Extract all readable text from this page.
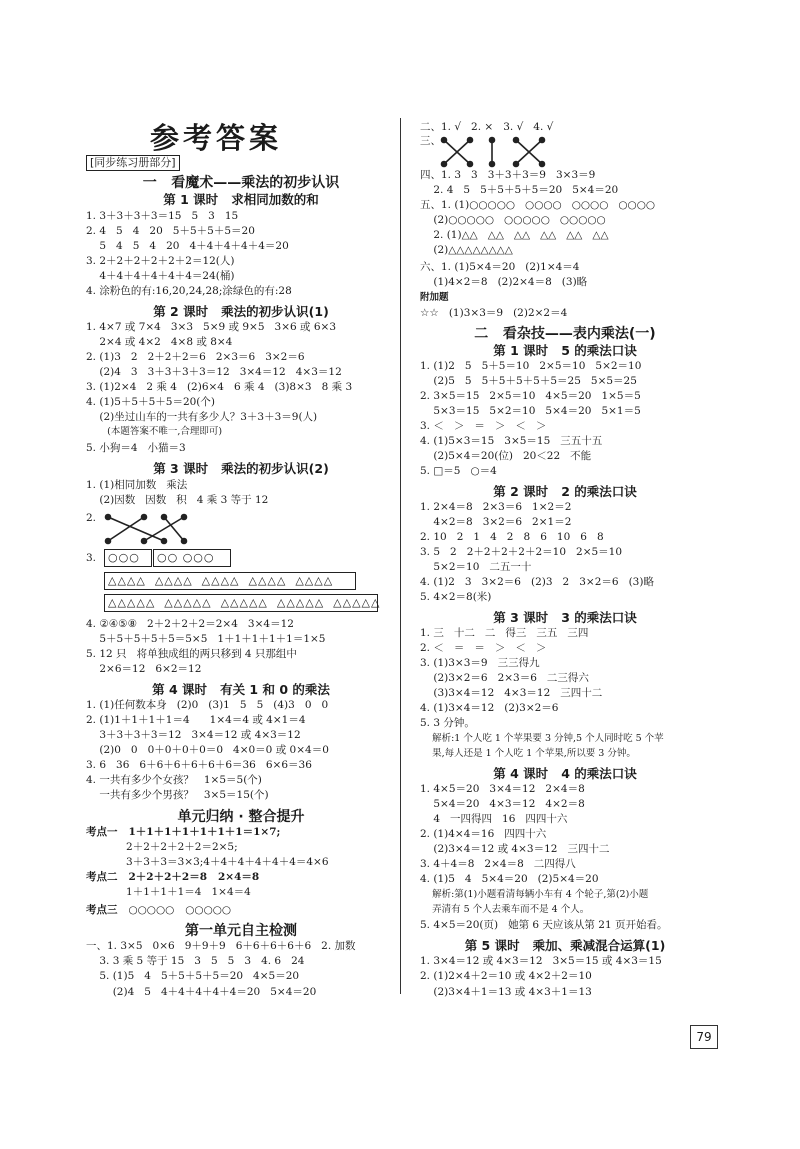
参考答案
[同步练习册部分]
一   看魔术——乘法的初步认识
第 1 课时   求相同加数的和
1. 3＋3＋3＋3＝15   5   3   15
2. 4   5   4   20   5＋5＋5＋5＝20
5   4   5   4   20   4＋4＋4＋4＋4＝20
3. 2＋2＋2＋2＋2＋2＝12(人)
4＋4＋4＋4＋4＋4＝24(桶)
4. 涂粉色的有:16,20,24,28;涂绿色的有:28
第 2 课时   乘法的初步认识(1)
1. 4×7 或 7×4   3×3   5×9 或 9×5   3×6 或 6×3
2×4 或 4×2   4×8 或 8×4
2. (1)3   2   2＋2＋2＝6   2×3＝6   3×2＝6
(2)4   3   3＋3＋3＋3＝12   3×4＝12   4×3＝12
3. (1)2×4   2 乘 4   (2)6×4   6 乘 4   (3)8×3   8 乘 3
4. (1)5＋5＋5＋5＝20(个)
(2)坐过山车的一共有多少人？3＋3＋3＝9(人)
(本题答案不唯一,合理即可)
5. 小狗＝4   小猫＝3
第 3 课时   乘法的初步认识(2)
1. (1)相同加数   乘法
(2)因数   因数   积   4 乘 3 等于 12
2.
3.
4. ②④⑤⑧   2＋2＋2＋2＝2×4   3×4＝12
5＋5＋5＋5＋5＝5×5   1＋1＋1＋1＋1＝1×5
5. 12 只   将单独成组的两只移到 4 只那组中
2×6＝12   6×2＝12
第 4 课时   有关 1 和 0 的乘法
1. (1)任何数本身   (2)0   (3)1   5   5   (4)3   0   0
2. (1)1＋1＋1＋1＝4      1×4＝4 或 4×1＝4
3＋3＋3＋3＝12   3×4＝12 或 4×3＝12
(2)0   0   0＋0＋0＋0＝0   4×0＝0 或 0×4＝0
3. 6   36   6＋6＋6＋6＋6＋6＝36   6×6＝36
4. 一共有多少个女孩？   1×5＝5(个)
一共有多少个男孩？   3×5＝15(个)
单元归纳 · 整合提升
考点一   1＋1＋1＋1＋1＋1＋1＝1×7;
2＋2＋2＋2＋2＝2×5;
3＋3＋3＝3×3;4＋4＋4＋4＋4＋4＝4×6
考点二   2＋2＋2＋2＝8   2×4＝8
1＋1＋1＋1＝4   1×4＝4
考点三   ○○○○○   ○○○○○
第一单元自主检测
一、1. 3×5   0×6   9＋9＋9   6＋6＋6＋6＋6   2. 加数
3. 3 乘 5 等于 15   3   5   5   3   4. 6   24
5. (1)5   4   5＋5＋5＋5＝20   4×5＝20
(2)4   5   4＋4＋4＋4＋4＝20   5×4＝20
二、1. √   2. ×   3. √   4. √
三、
四、1. 3   3   3＋3＋3＝9   3×3＝9
2. 4   5   5＋5＋5＋5＝20   5×4＝20
五、1. (1)○○○○○   ○○○○   ○○○○   ○○○○
(2)○○○○○   ○○○○○   ○○○○○
2. (1)△△   △△   △△   △△   △△   △△
(2)△△△△△△△△
六、1. (1)5×4＝20   (2)1×4＝4
(1)4×2＝8   (2)2×4＝8   (3)略
附加题
☆☆   (1)3×3＝9   (2)2×2＝4
二   看杂技——表内乘法(一)
第 1 课时   5 的乘法口诀
1. (1)2   5   5＋5＝10   2×5＝10   5×2＝10
(2)5   5   5＋5＋5＋5＋5＝25   5×5＝25
2. 3×5＝15   2×5＝10   4×5＝20   1×5＝5
5×3＝15   5×2＝10   5×4＝20   5×1＝5
3. ＜   ＞   ＝   ＞   ＜   ＞
4. (1)5×3＝15   3×5＝15   三五十五
(2)5×4＝20(位)   20＜22   不能
5. □＝5   ○＝4
第 2 课时   2 的乘法口诀
1. 2×4＝8   2×3＝6   1×2＝2
4×2＝8   3×2＝6   2×1＝2
2. 10   2   1   4   2   8   6   10   6   8
3. 5   2   2＋2＋2＋2＋2＝10   2×5＝10
5×2＝10   二五一十
4. (1)2   3   3×2＝6   (2)3   2   3×2＝6   (3)略
5. 4×2＝8(米)
第 3 课时   3 的乘法口诀
1. 三   十二   二   得三   三五   三四
2. ＜   ＝   ＝   ＞   ＜   ＞
3. (1)3×3＝9   三三得九
(2)3×2＝6   2×3＝6   二三得六
(3)3×4＝12   4×3＝12   三四十二
4. (1)3×4＝12   (2)3×2＝6
5. 3 分钟。
解析:1 个人吃 1 个苹果要 3 分钟,5 个人同时吃 5 个苹
果,每人还是 1 个人吃 1 个苹果,所以要 3 分钟。
第 4 课时   4 的乘法口诀
1. 4×5＝20   3×4＝12   2×4＝8
5×4＝20   4×3＝12   4×2＝8
4   一四得四   16   四四十六
2. (1)4×4＝16   四四十六
(2)3×4＝12 或 4×3＝12   三四十二
3. 4＋4＝8   2×4＝8   二四得八
4. (1)5   4   5×4＝20   (2)5×4＝20
解析:第(1)小题看清每辆小车有 4 个轮子,第(2)小题
弄清有 5 个人去乘车而不是 4 个人。
5. 4×5＝20(页)   她第 6 天应该从第 21 页开始看。
第 5 课时   乘加、乘减混合运算(1)
1. 3×4＝12 或 4×3＝12   3×5＝15 或 4×3＝15
2. (1)2×4＋2＝10 或 4×2＋2＝10
(2)3×4＋1＝13 或 4×3＋1＝13
○○○	○○ ○○○
△△△△  △△△△  △△△△  △△△△  △△△△
△△△△△  △△△△△  △△△△△  △△△△△  △△△△△
79
